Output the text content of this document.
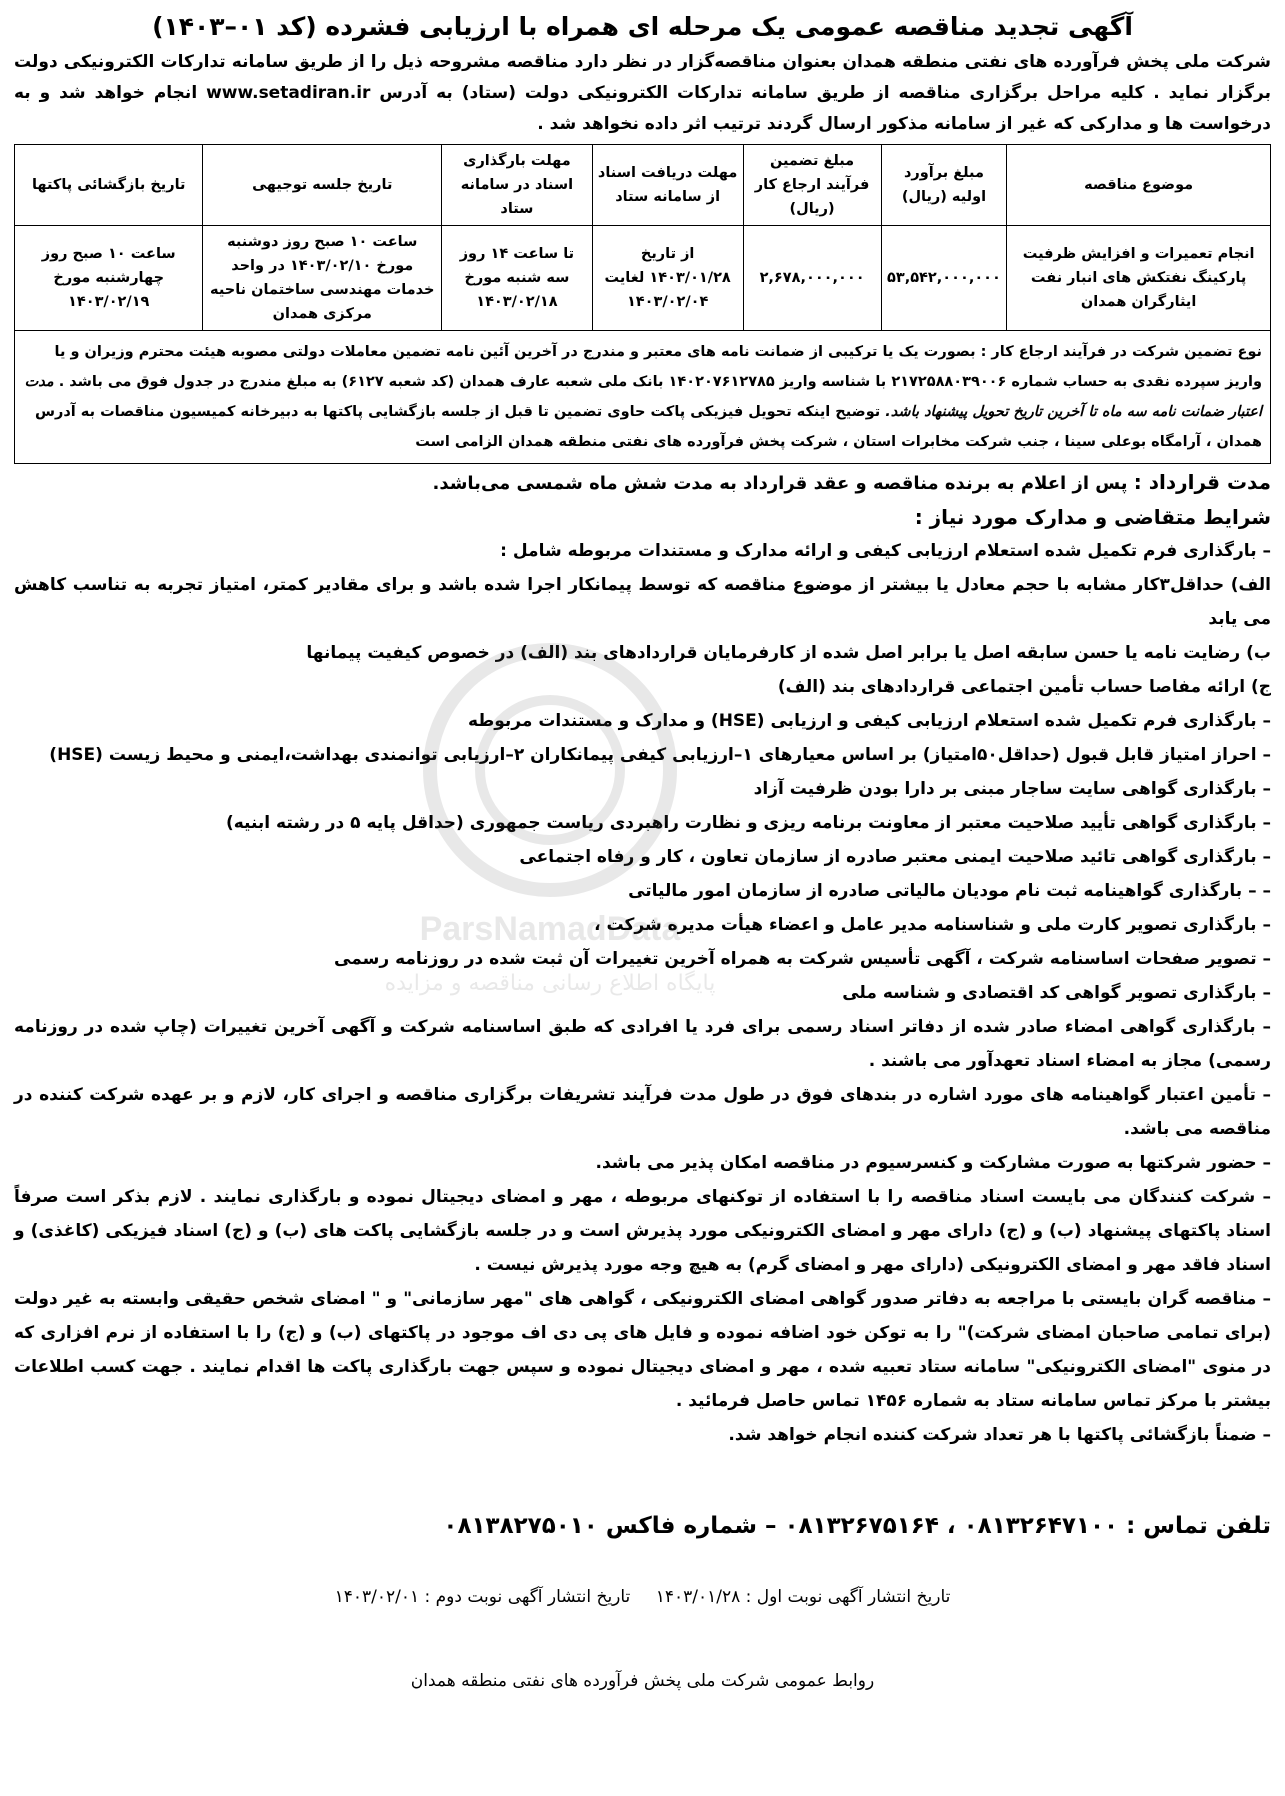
ParsNamadData
پایگاه اطلاع رسانی مناقصه و مزایده
آگهی تجدید مناقصه عمومی یک مرحله ای همراه با ارزیابی فشرده (کد ۰۱–۱۴۰۳)

شرکت ملی پخش فرآورده های نفتی منطقه همدان بعنوان مناقصه‌گزار در نظر دارد مناقصه مشروحه ذیل را از طریق سامانه تدارکات الکترونیکی دولت برگزار نماید . کلیه مراحل برگزاری مناقصه از طریق سامانه تدارکات الکترونیکی دولت (ستاد) به آدرس www.setadiran.ir انجام خواهد شد و به درخواست ها و مدارکی که غیر از سامانه مذکور ارسال گردند ترتیب اثر داده نخواهد شد .

موضوع مناقصه	مبلغ برآورد اولیه (ریال)	مبلغ تضمین فرآیند ارجاع کار (ریال)	مهلت دریافت اسناد از سامانه ستاد	مهلت بارگذاری اسناد در سامانه ستاد	تاریخ جلسه توجیهی	تاریخ بازگشائی پاکتها
انجام تعمیرات و افزایش ظرفیت پارکینگ نفتکش های انبار نفت ایثارگران همدان	۵۳,۵۴۲,۰۰۰,۰۰۰	۲,۶۷۸,۰۰۰,۰۰۰	از تاریخ ۱۴۰۳/۰۱/۲۸ لغایت ۱۴۰۳/۰۲/۰۴	تا ساعت ۱۴ روز سه شنبه مورخ ۱۴۰۳/۰۲/۱۸	ساعت ۱۰ صبح روز دوشنبه مورخ ۱۴۰۳/۰۲/۱۰ در واحد خدمات مهندسی ساختمان ناحیه مرکزی همدان	ساعت ۱۰ صبح روز چهارشنبه مورخ ۱۴۰۳/۰۲/۱۹
نوع تضمین شرکت در فرآیند ارجاع کار : بصورت یک یا ترکیبی از ضمانت نامه های معتبر و مندرج در آخرین آئین نامه تضمین معاملات دولتی مصوبه هیئت محترم وزیران و یا واریز سپرده نقدی به حساب شماره ۲۱۷۲۵۸۸۰۳۹۰۰۶ با شناسه واریز ۱۴۰۲۰۷۶۱۲۷۸۵ بانک ملی شعبه عارف همدان (کد شعبه ۶۱۲۷) به مبلغ مندرج در جدول فوق می باشد . مدت اعتبار ضمانت نامه سه ماه تا آخرین تاریخ تحویل پیشنهاد باشد. توضیح اینکه تحویل فیزیکی پاکت حاوی تضمین تا قبل از جلسه بازگشایی پاکتها به دبیرخانه کمیسیون مناقصات به آدرس همدان ، آرامگاه بوعلی سینا ، جنب شرکت مخابرات استان ، شرکت پخش فرآورده های نفتی منطقه همدان الزامی است						

مدت قرارداد : پس از اعلام به برنده مناقصه و عقد قرارداد به مدت شش ماه شمسی می‌باشد.

شرایط متقاضی و مدارک مورد نیاز :

– بارگذاری فرم تکمیل شده استعلام ارزیابی کیفی و ارائه مدارک و مستندات مربوطه شامل :
الف) حداقل۳کار مشابه با حجم معادل یا بیشتر از موضوع مناقصه که توسط پیمانکار اجرا شده باشد و برای مقادیر کمتر، امتیاز تجربه به تناسب کاهش می یابد
ب) رضایت نامه یا حسن سابقه اصل یا برابر اصل شده از کارفرمایان قراردادهای بند (الف) در خصوص کیفیت پیمانها
ج) ارائه مفاصا حساب تأمین اجتماعی قراردادهای بند (الف)
– بارگذاری فرم تکمیل شده استعلام ارزیابی کیفی و ارزیابی (HSE) و مدارک و مستندات مربوطه
– احراز امتیاز قابل قبول (حداقل۵۰امتیاز) بر اساس معیارهای ۱–ارزیابی کیفی پیمانکاران ۲–ارزیابی توانمندی بهداشت،ایمنی و محیط زیست (HSE)
– بارگذاری گواهی سایت ساجار مبنی بر دارا بودن ظرفیت آزاد
– بارگذاری گواهی تأیید صلاحیت معتبر از معاونت برنامه ریزی و نظارت راهبردی ریاست جمهوری (حداقل پایه ۵ در رشته ابنیه)
– بارگذاری گواهی تائید صلاحیت ایمنی معتبر صادره از سازمان تعاون ، کار و رفاه اجتماعی
– – بارگذاری گواهینامه ثبت نام مودیان مالیاتی صادره از سازمان امور مالیاتی
– بارگذاری تصویر کارت ملی و شناسنامه مدیر عامل و اعضاء هیأت مدیره شرکت ،
– تصویر صفحات اساسنامه شرکت ، آگهی تأسیس شرکت به همراه آخرین تغییرات آن ثبت شده در روزنامه رسمی
– بارگذاری تصویر گواهی کد اقتصادی و شناسه ملی
– بارگذاری گواهی امضاء صادر شده از دفاتر اسناد رسمی برای فرد یا افرادی که طبق اساسنامه شرکت و آگهی آخرین تغییرات (چاپ شده در روزنامه رسمی) مجاز به امضاء اسناد تعهدآور می باشند .
– تأمین اعتبار گواهینامه های مورد اشاره در بندهای فوق در طول مدت فرآیند تشریفات برگزاری مناقصه و اجرای کار، لازم و بر عهده شرکت کننده در مناقصه می باشد.
– حضور شرکتها به صورت مشارکت و کنسرسیوم در مناقصه امکان پذیر می باشد.
– شرکت کنندگان می بایست اسناد مناقصه را با استفاده از توکنهای مربوطه ، مهر و امضای دیجیتال نموده و بارگذاری نمایند . لازم بذکر است صرفاً اسناد پاکتهای پیشنهاد (ب) و (ج) دارای مهر و امضای الکترونیکی مورد پذیرش است و در جلسه بازگشایی پاکت های (ب) و (ج) اسناد فیزیکی (کاغذی) و اسناد فاقد مهر و امضای الکترونیکی (دارای مهر و امضای گرم) به هیچ وجه مورد پذیرش نیست .
– مناقصه گران بایستی با مراجعه به دفاتر صدور گواهی امضای الکترونیکی ، گواهی های "مهر سازمانی" و " امضای شخص حقیقی وابسته به غیر دولت (برای تمامی صاحبان امضای شرکت)" را به توکن خود اضافه نموده و فایل های پی دی اف موجود در پاکتهای (ب) و (ج) را با استفاده از نرم افزاری که در منوی "امضای الکترونیکی" سامانه ستاد تعبیه شده ، مهر و امضای دیجیتال نموده و سپس جهت بارگذاری پاکت ها اقدام نمایند . جهت کسب اطلاعات بیشتر با مرکز تماس سامانه ستاد به شماره ۱۴۵۶ تماس حاصل فرمائید .
– ضمناً بازگشائی پاکتها با هر تعداد شرکت کننده انجام خواهد شد.

تلفن تماس : ۰۸۱۳۲۶۴۷۱۰۰ ، ۰۸۱۳۲۶۷۵۱۶۴ – شماره فاکس ۰۸۱۳۸۲۷۵۰۱۰

تاریخ انتشار آگهی نوبت اول : ۱۴۰۳/۰۱/۲۸ تاریخ انتشار آگهی نوبت دوم : ۱۴۰۳/۰۲/۰۱

روابط عمومی شرکت ملی پخش فرآورده های نفتی منطقه همدان
